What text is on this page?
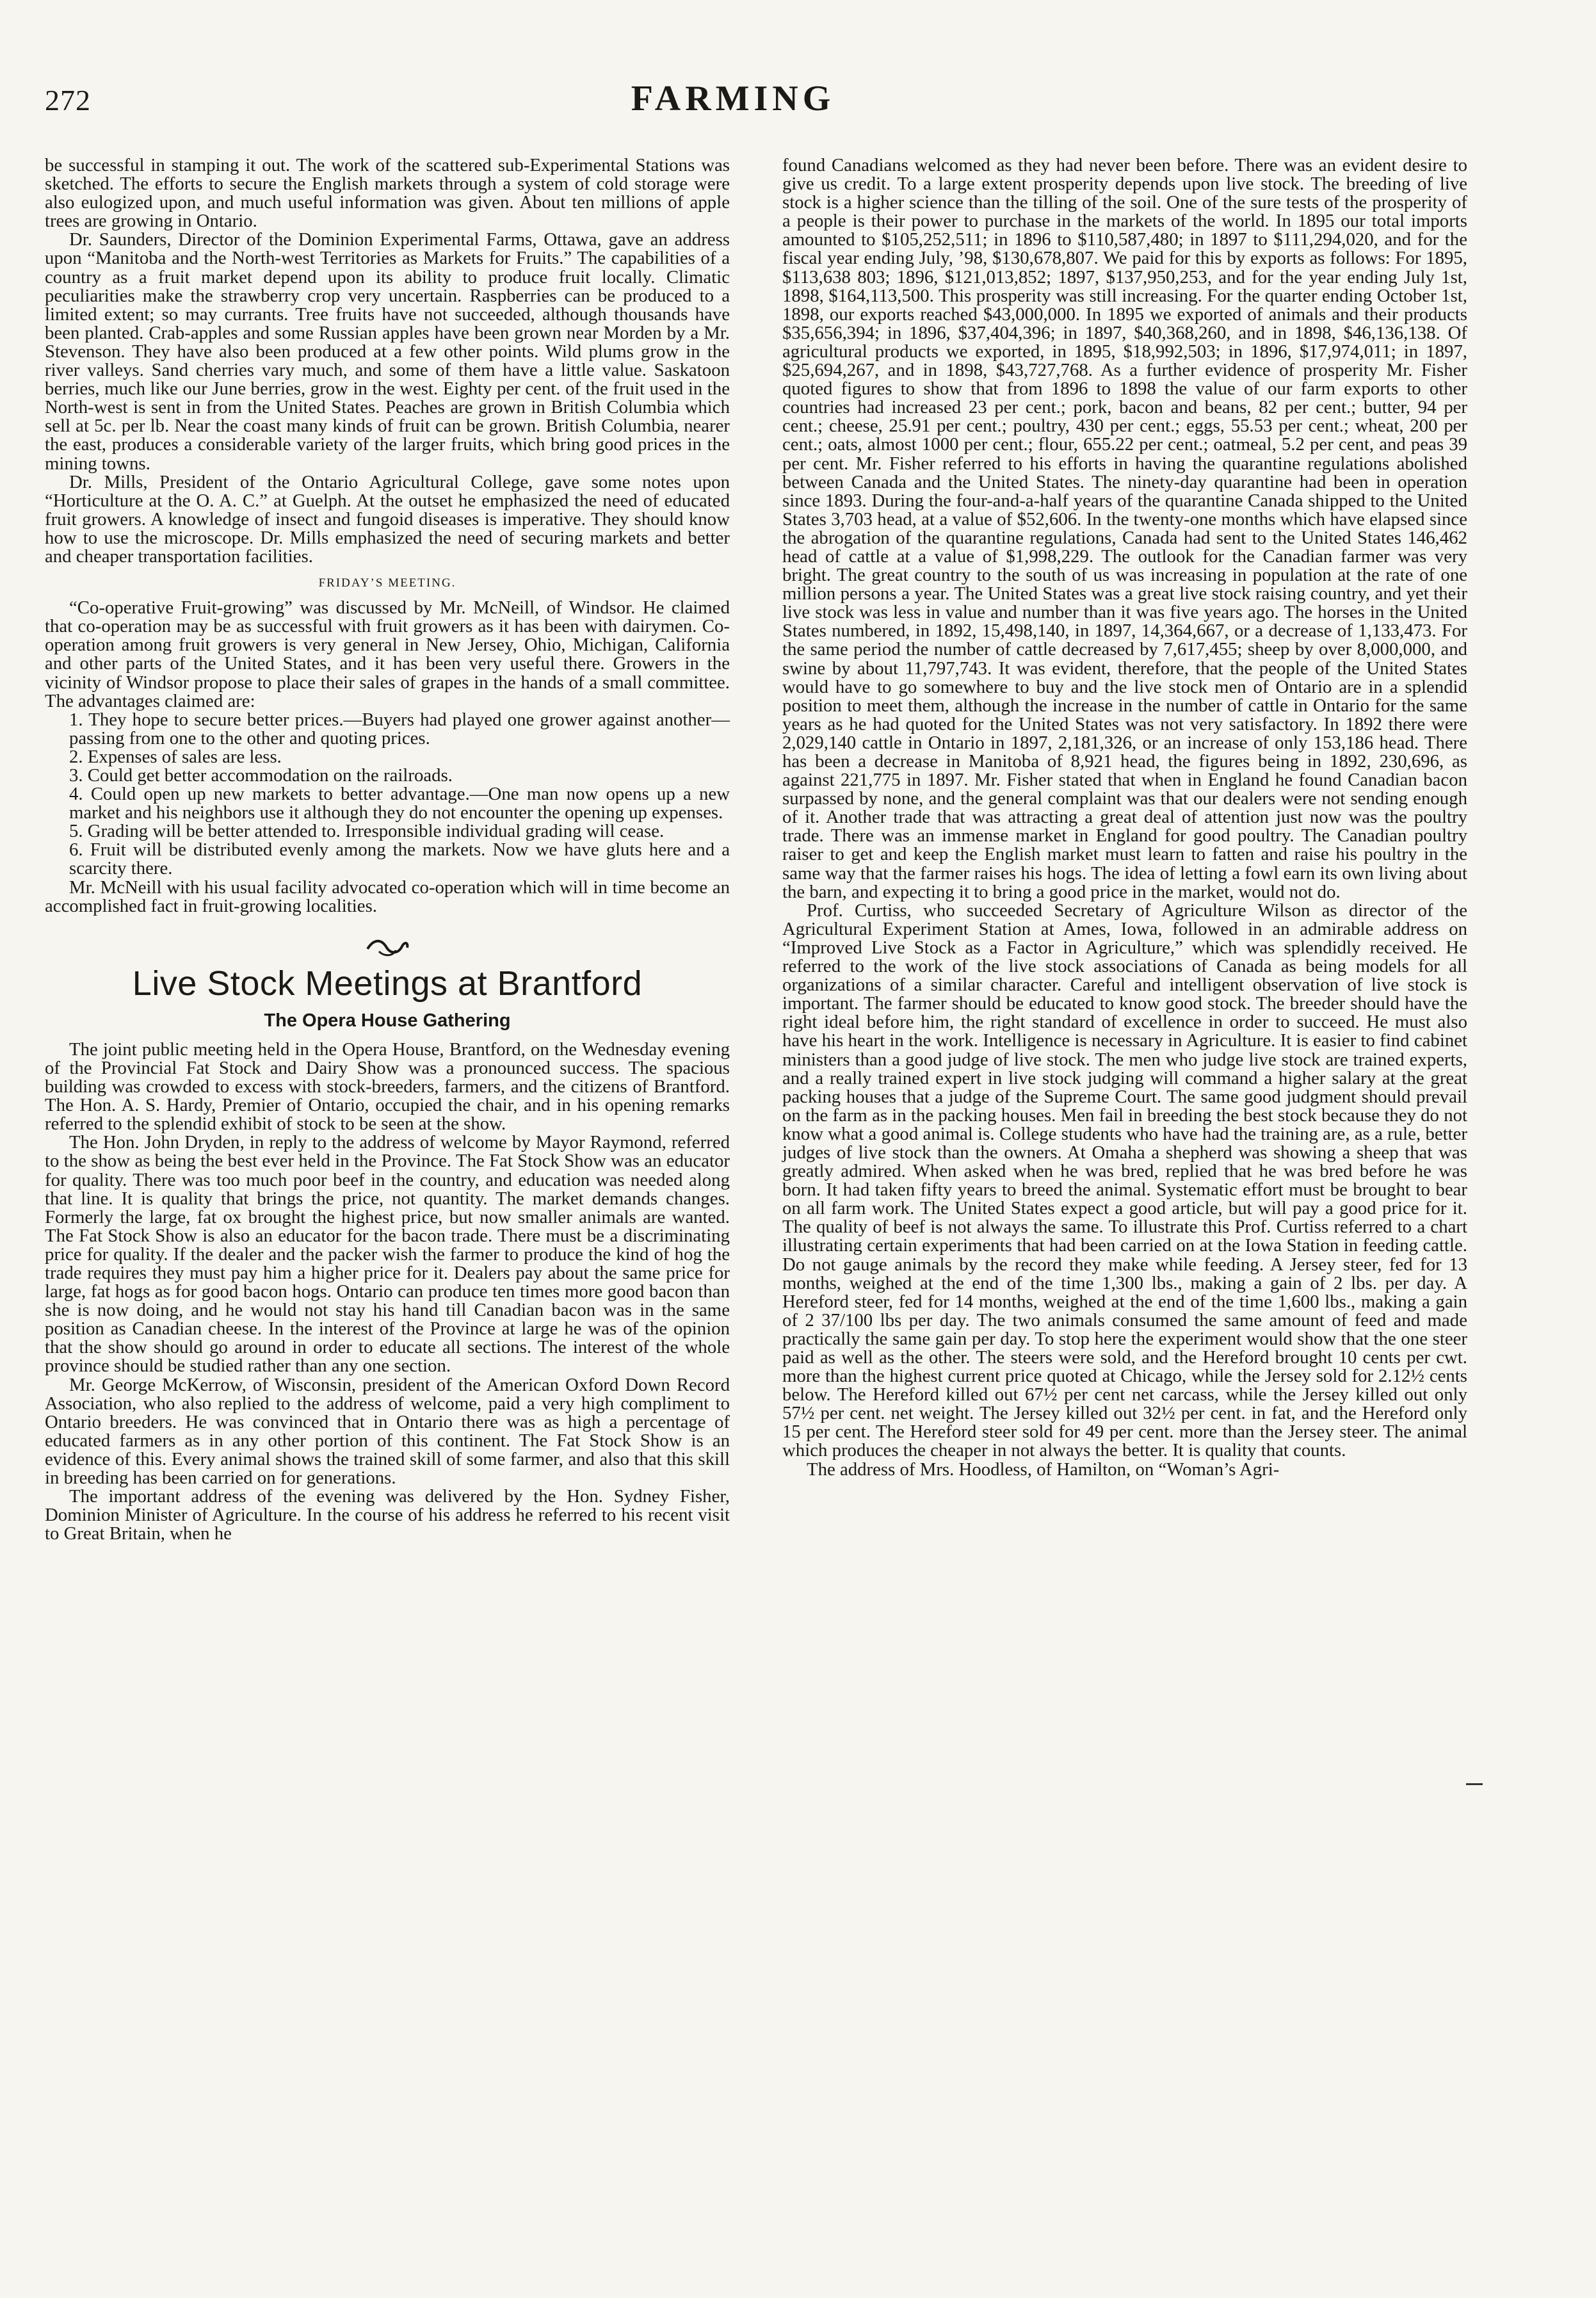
272	FARMING

be successful in stamping it out. The work of the scattered sub-Experimental Stations was sketched. The efforts to secure the English markets through a system of cold storage were also eulogized upon, and much useful information was given. About ten millions of apple trees are growing in Ontario.

Dr. Saunders, Director of the Dominion Experimental Farms, Ottawa, gave an address upon “Manitoba and the North-west Territories as Markets for Fruits.” The capabilities of a country as a fruit market depend upon its ability to produce fruit locally. Climatic peculiarities make the strawberry crop very uncertain. Raspberries can be produced to a limited extent; so may currants. Tree fruits have not succeeded, although thousands have been planted. Crab-apples and some Russian apples have been grown near Morden by a Mr. Stevenson. They have also been produced at a few other points. Wild plums grow in the river valleys. Sand cherries vary much, and some of them have a little value. Saskatoon berries, much like our June berries, grow in the west. Eighty per cent. of the fruit used in the North-west is sent in from the United States. Peaches are grown in British Columbia which sell at 5c. per lb. Near the coast many kinds of fruit can be grown. British Columbia, nearer the east, produces a considerable variety of the larger fruits, which bring good prices in the mining towns.

Dr. Mills, President of the Ontario Agricultural College, gave some notes upon “Horticulture at the O. A. C.” at Guelph. At the outset he emphasized the need of educated fruit growers. A knowledge of insect and fungoid diseases is imperative. They should know how to use the microscope. Dr. Mills emphasized the need of securing markets and better and cheaper transportation facilities.

FRIDAY’S MEETING.

“Co-operative Fruit-growing” was discussed by Mr. McNeill, of Windsor. He claimed that co-operation may be as successful with fruit growers as it has been with dairymen. Co-operation among fruit growers is very general in New Jersey, Ohio, Michigan, California and other parts of the United States, and it has been very useful there. Growers in the vicinity of Windsor propose to place their sales of grapes in the hands of a small committee. The advantages claimed are:

1. They hope to secure better prices.—Buyers had played one grower against another—passing from one to the other and quoting prices.

2. Expenses of sales are less.

3. Could get better accommodation on the railroads.

4. Could open up new markets to better advantage.—One man now opens up a new market and his neighbors use it although they do not encounter the opening up expenses.

5. Grading will be better attended to. Irresponsible individual grading will cease.

6. Fruit will be distributed evenly among the markets. Now we have gluts here and a scarcity there.

Mr. McNeill with his usual facility advocated co-operation which will in time become an accomplished fact in fruit-growing localities.

Live Stock Meetings at Brantford
The Opera House Gathering

The joint public meeting held in the Opera House, Brantford, on the Wednesday evening of the Provincial Fat Stock and Dairy Show was a pronounced success. The spacious building was crowded to excess with stock-breeders, farmers, and the citizens of Brantford. The Hon. A. S. Hardy, Premier of Ontario, occupied the chair, and in his opening remarks referred to the splendid exhibit of stock to be seen at the show.

The Hon. John Dryden, in reply to the address of welcome by Mayor Raymond, referred to the show as being the best ever held in the Province. The Fat Stock Show was an educator for quality. There was too much poor beef in the country, and education was needed along that line. It is quality that brings the price, not quantity. The market demands changes. Formerly the large, fat ox brought the highest price, but now smaller animals are wanted. The Fat Stock Show is also an educator for the bacon trade. There must be a discriminating price for quality. If the dealer and the packer wish the farmer to produce the kind of hog the trade requires they must pay him a higher price for it. Dealers pay about the same price for large, fat hogs as for good bacon hogs. Ontario can produce ten times more good bacon than she is now doing, and he would not stay his hand till Canadian bacon was in the same position as Canadian cheese. In the interest of the Province at large he was of the opinion that the show should go around in order to educate all sections. The interest of the whole province should be studied rather than any one section.

Mr. George McKerrow, of Wisconsin, president of the American Oxford Down Record Association, who also replied to the address of welcome, paid a very high compliment to Ontario breeders. He was convinced that in Ontario there was as high a percentage of educated farmers as in any other portion of this continent. The Fat Stock Show is an evidence of this. Every animal shows the trained skill of some farmer, and also that this skill in breeding has been carried on for generations.

The important address of the evening was delivered by the Hon. Sydney Fisher, Dominion Minister of Agriculture. In the course of his address he referred to his recent visit to Great Britain, when he

found Canadians welcomed as they had never been before. There was an evident desire to give us credit. To a large extent prosperity depends upon live stock. The breeding of live stock is a higher science than the tilling of the soil. One of the sure tests of the prosperity of a people is their power to purchase in the markets of the world. In 1895 our total imports amounted to $105,252,511; in 1896 to $110,587,480; in 1897 to $111,294,020, and for the fiscal year ending July, ’98, $130,678,807. We paid for this by exports as follows: For 1895, $113,638 803; 1896, $121,013,852; 1897, $137,950,253, and for the year ending July 1st, 1898, $164,113,500. This prosperity was still increasing. For the quarter ending October 1st, 1898, our exports reached $43,000,000. In 1895 we exported of animals and their products $35,656,394; in 1896, $37,404,396; in 1897, $40,368,260, and in 1898, $46,136,138. Of agricultural products we exported, in 1895, $18,992,503; in 1896, $17,974,011; in 1897, $25,694,267, and in 1898, $43,727,768. As a further evidence of prosperity Mr. Fisher quoted figures to show that from 1896 to 1898 the value of our farm exports to other countries had increased 23 per cent.; pork, bacon and beans, 82 per cent.; butter, 94 per cent.; cheese, 25.91 per cent.; poultry, 430 per cent.; eggs, 55.53 per cent.; wheat, 200 per cent.; oats, almost 1000 per cent.; flour, 655.22 per cent.; oatmeal, 5.2 per cent, and peas 39 per cent. Mr. Fisher referred to his efforts in having the quarantine regulations abolished between Canada and the United States. The ninety-day quarantine had been in operation since 1893. During the four-and-a-half years of the quarantine Canada shipped to the United States 3,703 head, at a value of $52,606. In the twenty-one months which have elapsed since the abrogation of the quarantine regulations, Canada had sent to the United States 146,462 head of cattle at a value of $1,998,229. The outlook for the Canadian farmer was very bright. The great country to the south of us was increasing in population at the rate of one million persons a year. The United States was a great live stock raising country, and yet their live stock was less in value and number than it was five years ago. The horses in the United States numbered, in 1892, 15,498,140, in 1897, 14,364,667, or a decrease of 1,133,473. For the same period the number of cattle decreased by 7,617,455; sheep by over 8,000,000, and swine by about 11,797,743. It was evident, therefore, that the people of the United States would have to go somewhere to buy and the live stock men of Ontario are in a splendid position to meet them, although the increase in the number of cattle in Ontario for the same years as he had quoted for the United States was not very satisfactory. In 1892 there were 2,029,140 cattle in Ontario in 1897, 2,181,326, or an increase of only 153,186 head. There has been a decrease in Manitoba of 8,921 head, the figures being in 1892, 230,696, as against 221,775 in 1897. Mr. Fisher stated that when in England he found Canadian bacon surpassed by none, and the general complaint was that our dealers were not sending enough of it. Another trade that was attracting a great deal of attention just now was the poultry trade. There was an immense market in England for good poultry. The Canadian poultry raiser to get and keep the English market must learn to fatten and raise his poultry in the same way that the farmer raises his hogs. The idea of letting a fowl earn its own living about the barn, and expecting it to bring a good price in the market, would not do.

Prof. Curtiss, who succeeded Secretary of Agriculture Wilson as director of the Agricultural Experiment Station at Ames, Iowa, followed in an admirable address on “Improved Live Stock as a Factor in Agriculture,” which was splendidly received. He referred to the work of the live stock associations of Canada as being models for all organizations of a similar character. Careful and intelligent observation of live stock is important. The farmer should be educated to know good stock. The breeder should have the right ideal before him, the right standard of excellence in order to succeed. He must also have his heart in the work. Intelligence is necessary in Agriculture. It is easier to find cabinet ministers than a good judge of live stock. The men who judge live stock are trained experts, and a really trained expert in live stock judging will command a higher salary at the great packing houses that a judge of the Supreme Court. The same good judgment should prevail on the farm as in the packing houses. Men fail in breeding the best stock because they do not know what a good animal is. College students who have had the training are, as a rule, better judges of live stock than the owners. At Omaha a shepherd was showing a sheep that was greatly admired. When asked when he was bred, replied that he was bred before he was born. It had taken fifty years to breed the animal. Systematic effort must be brought to bear on all farm work. The United States expect a good article, but will pay a good price for it. The quality of beef is not always the same. To illustrate this Prof. Curtiss referred to a chart illustrating certain experiments that had been carried on at the Iowa Station in feeding cattle. Do not gauge animals by the record they make while feeding. A Jersey steer, fed for 13 months, weighed at the end of the time 1,300 lbs., making a gain of 2 lbs. per day. A Hereford steer, fed for 14 months, weighed at the end of the time 1,600 lbs., making a gain of 2 37/100 lbs per day. The two animals consumed the same amount of feed and made practically the same gain per day. To stop here the experiment would show that the one steer paid as well as the other. The steers were sold, and the Hereford brought 10 cents per cwt. more than the highest current price quoted at Chicago, while the Jersey sold for 2.12½ cents below. The Hereford killed out 67½ per cent net carcass, while the Jersey killed out only 57½ per cent. net weight. The Jersey killed out 32½ per cent. in fat, and the Hereford only 15 per cent. The Hereford steer sold for 49 per cent. more than the Jersey steer. The animal which produces the cheaper in not always the better. It is quality that counts.

The address of Mrs. Hoodless, of Hamilton, on “Woman’s Agri-
